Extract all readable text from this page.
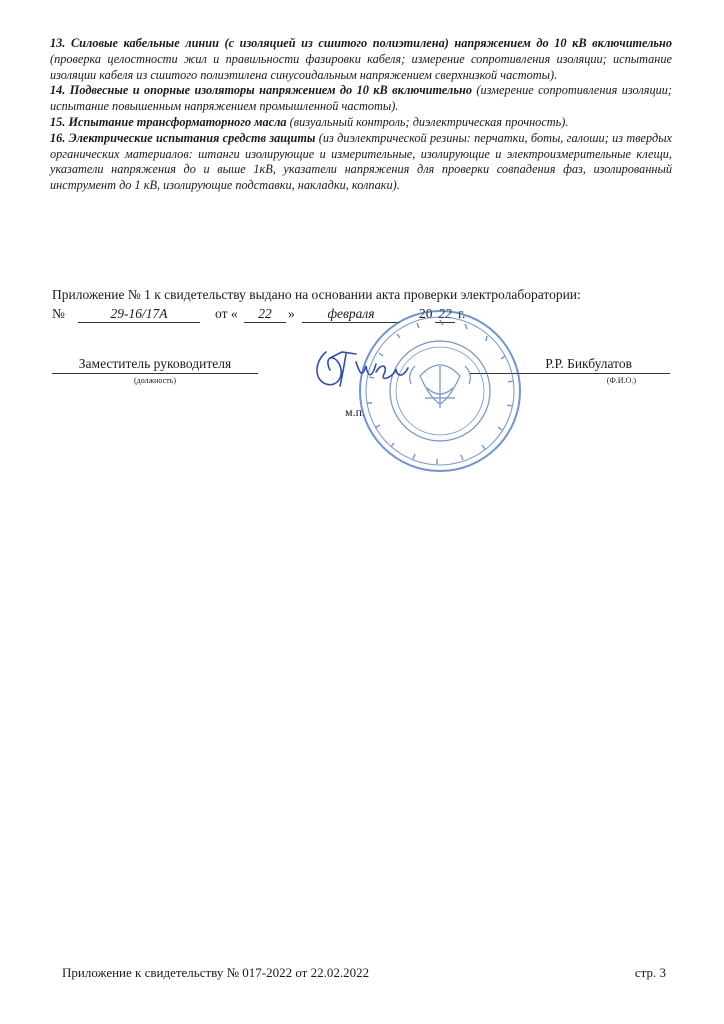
13. Силовые кабельные линии (с изоляцией из сшитого полиэтилена) напряжением до 10 кВ включительно (проверка целостности жил и правильности фазировки кабеля; измерение сопротивления изоляции; испытание изоляции кабеля из сшитого полиэтилена синусоидальным напряжением сверхнизкой частоты).

14. Подвесные и опорные изоляторы напряжением до 10 кВ включительно (измерение сопротивления изоляции; испытание повышенным напряжением промышленной частоты).

15. Испытание трансформаторного масла (визуальный контроль; диэлектрическая прочность).

16. Электрические испытания средств защиты (из диэлектрической резины: перчатки, боты, галоши; из твердых органических материалов: штанги изолирующие и измерительные, изолирующие и электроизмерительные клещи, указатели напряжения до и выше 1кВ, указатели напряжения для проверки совпадения фаз, изолированный инструмент до 1 кВ, изолирующие подставки, накладки, колпаки).

Приложение № 1 к свидетельству выдано на основании акта проверки электролаборатории:
№	29-16/17А	от «	22	»	февраля	20 22 г.
Заместитель руководителя
(должность)
Р.Р. Бикбулатов
(Ф.И.О.)
м.п.
Приложение к свидетельству № 017-2022 от 22.02.2022	стр. 3
